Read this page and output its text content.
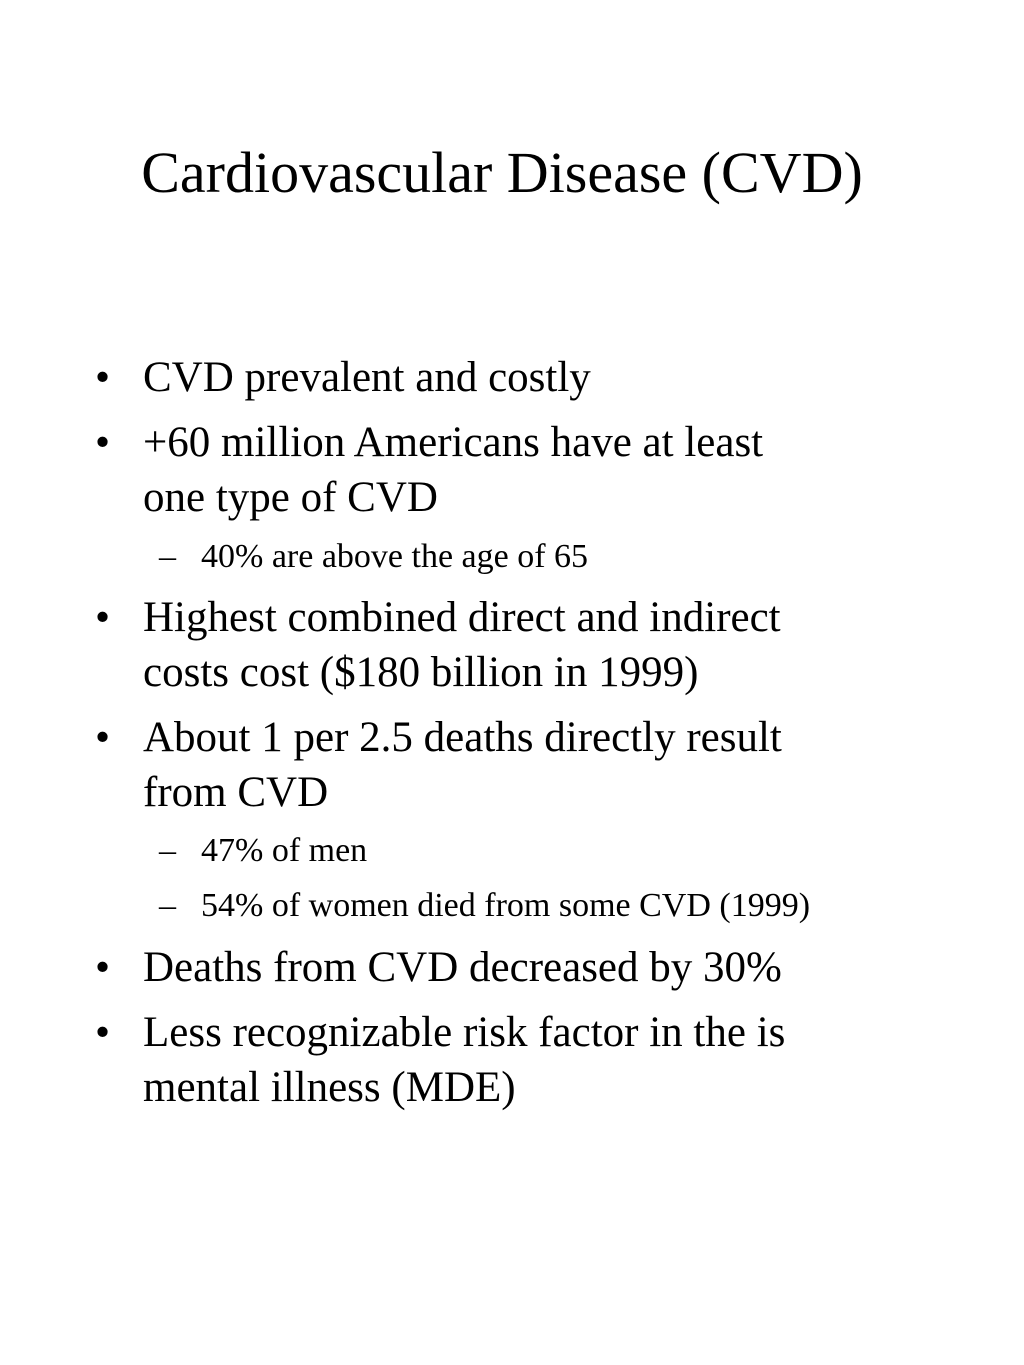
Cardiovascular Disease (CVD)
• CVD prevalent and costly
• +60 million Americans have at least
one type of CVD
– 40% are above the age of 65
• Highest combined direct and indirect
costs cost ($180 billion in 1999)
• About 1 per 2.5 deaths directly result
from CVD
– 47% of men
– 54% of women died from some CVD (1999)
• Deaths from CVD decreased by 30%
• Less recognizable risk factor in the is
mental illness (MDE)
